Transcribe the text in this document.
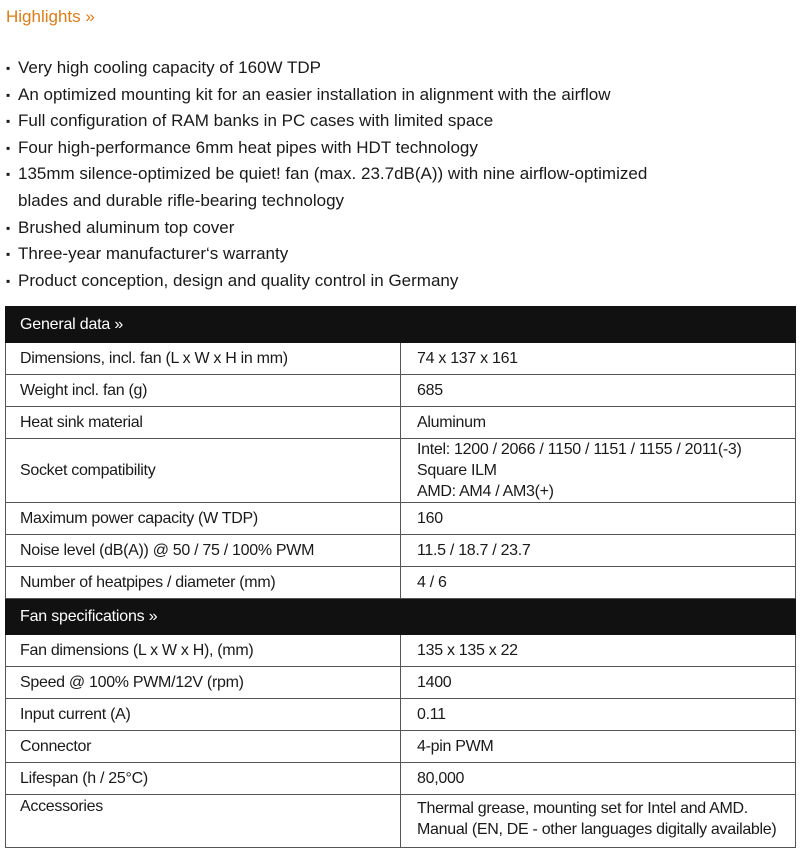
Highlights »
▪ Very high cooling capacity of 160W TDP
▪ An optimized mounting kit for an easier installation in alignment with the airflow
▪ Full configuration of RAM banks in PC cases with limited space
▪ Four high-performance 6mm heat pipes with HDT technology
▪ 135mm silence-optimized be quiet! fan (max. 23.7dB(A)) with nine airflow-optimized
blades and durable rifle-bearing technology
▪ Brushed aluminum top cover
▪ Three-year manufacturer‘s warranty
▪ Product conception, design and quality control in Germany
General data »	
Dimensions, incl. fan (L x W x H in mm)	74 x 137 x 161
Weight incl. fan (g)	685
Heat sink material	Aluminum
Socket compatibility	Intel: 1200 / 2066 / 1150 / 1151 / 1155 / 2011(-3) Square ILM
AMD: AM4 / AM3(+)
Maximum power capacity (W TDP)	160
Noise level (dB(A)) @ 50 / 75 / 100% PWM	11.5 / 18.7 / 23.7
Number of heatpipes / diameter (mm)	4 / 6
Fan specifications »	
Fan dimensions (L x W x H), (mm)	135 x 135 x 22
Speed @ 100% PWM/12V (rpm)	1400
Input current (A)	0.11
Connector	4-pin PWM
Lifespan (h / 25°C)	80,000
Accessories	Thermal grease, mounting set for Intel and AMD.
Manual (EN, DE - other languages digitally available)
